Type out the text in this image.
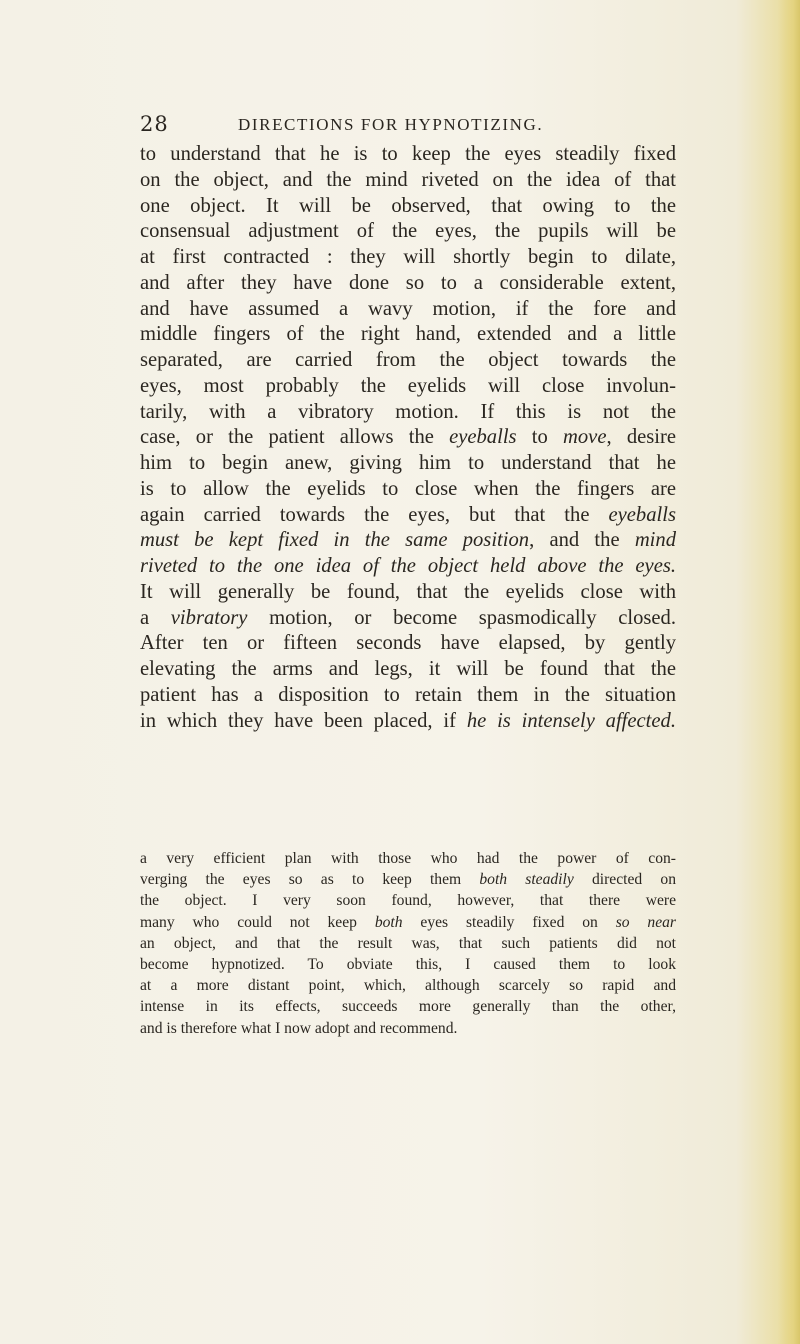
28	DIRECTIONS FOR HYPNOTIZING.
to understand that he is to keep the eyes steadily fixed
on the object, and the mind riveted on the idea of that
one object. It will be observed, that owing to the
consensual adjustment of the eyes, the pupils will be
at first contracted : they will shortly begin to dilate,
and after they have done so to a considerable extent,
and have assumed a wavy motion, if the fore and
middle fingers of the right hand, extended and a little
separated, are carried from the object towards the
eyes, most probably the eyelids will close involun-
tarily, with a vibratory motion. If this is not the
case, or the patient allows the eyeballs to move, desire
him to begin anew, giving him to understand that he
is to allow the eyelids to close when the fingers are
again carried towards the eyes, but that the eyeballs
must be kept fixed in the same position, and the mind
riveted to the one idea of the object held above the eyes.
It will generally be found, that the eyelids close with
a vibratory motion, or become spasmodically closed.
After ten or fifteen seconds have elapsed, by gently
elevating the arms and legs, it will be found that the
patient has a disposition to retain them in the situation
in which they have been placed, if he is intensely affected.
a very efficient plan with those who had the power of con-
verging the eyes so as to keep them both steadily directed on
the object. I very soon found, however, that there were
many who could not keep both eyes steadily fixed on so near
an object, and that the result was, that such patients did not
become hypnotized. To obviate this, I caused them to look
at a more distant point, which, although scarcely so rapid and
intense in its effects, succeeds more generally than the other,
and is therefore what I now adopt and recommend.
